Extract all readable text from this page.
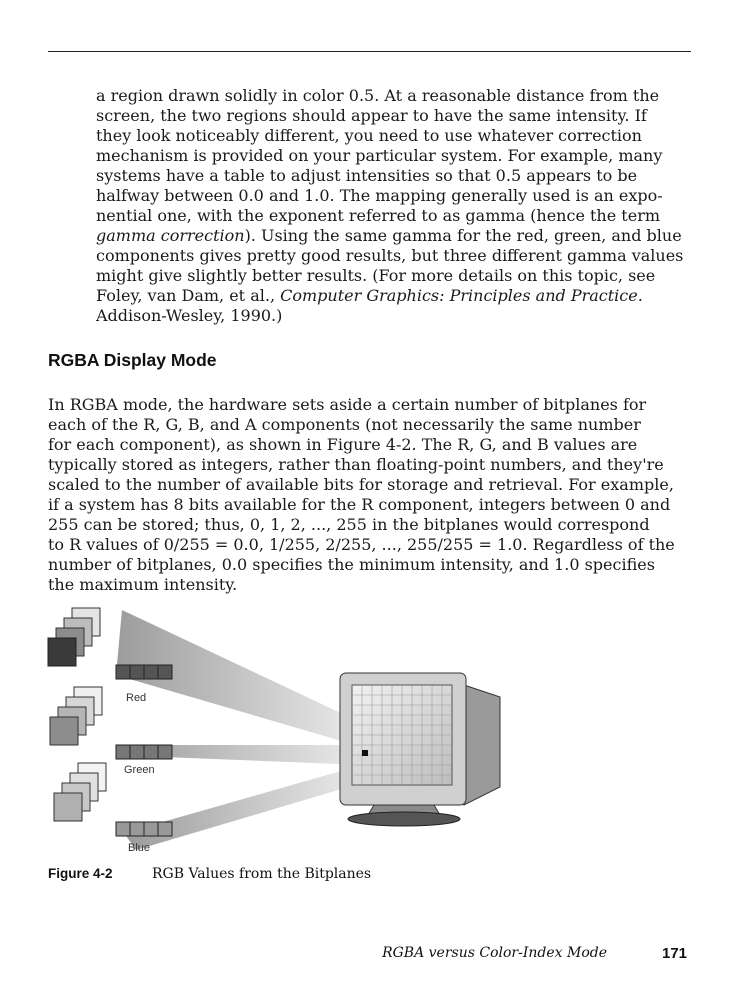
a region drawn solidly in color 0.5. At a reasonable distance from the
screen, the two regions should appear to have the same intensity. If
they look noticeably different, you need to use whatever correction
mechanism is provided on your particular system. For example, many
systems have a table to adjust intensities so that 0.5 appears to be
halfway between 0.0 and 1.0. The mapping generally used is an expo-
nential one, with the exponent referred to as gamma (hence the term
gamma correction). Using the same gamma for the red, green, and blue
components gives pretty good results, but three different gamma values
might give slightly better results. (For more details on this topic, see
Foley, van Dam, et al., Computer Graphics: Principles and Practice.
Addison-Wesley, 1990.)
RGBA Display Mode
In RGBA mode, the hardware sets aside a certain number of bitplanes for
each of the R, G, B, and A components (not necessarily the same number
for each component), as shown in Figure 4-2. The R, G, and B values are
typically stored as integers, rather than floating-point numbers, and they're
scaled to the number of available bits for storage and retrieval. For example,
if a system has 8 bits available for the R component, integers between 0 and
255 can be stored; thus, 0, 1, 2, ..., 255 in the bitplanes would correspond
to R values of 0/255 = 0.0, 1/255, 2/255, ..., 255/255 = 1.0. Regardless of the
number of bitplanes, 0.0 specifies the minimum intensity, and 1.0 specifies
the maximum intensity.
Red
Green
Blue
Figure 4-2	RGB Values from the Bitplanes
RGBA versus Color-Index Mode	171
